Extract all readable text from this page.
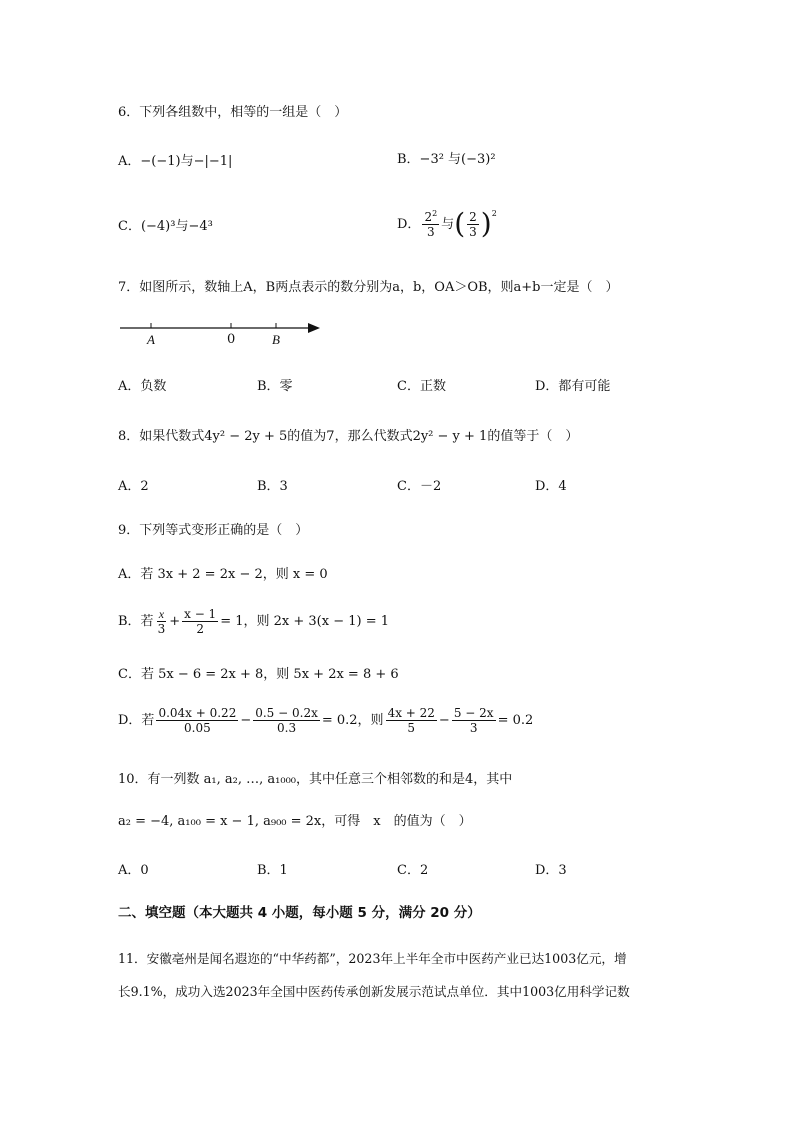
6．下列各组数中，相等的一组是（　）
A．−(−1)与−|−1|	B．−3² 与(−3)²
C．(−4)³与−4³	D． $\frac{2^2}{3}$ 与 ( $\frac{2}{3} )^2$
7．如图所示，数轴上A，B两点表示的数分别为a，b，OA＞OB，则a+b一定是（　）
A	0	B
A．负数	B．零	C．正数	D．都有可能
8．如果代数式4y² − 2y + 5的值为7，那么代数式2y² − y + 1的值等于（　）
A．2	B．3	C．－2	D．4
9．下列等式变形正确的是（　）
A．若 3x + 2 = 2x − 2，则 x = 0
B．若 $\frac{x}{3} + \frac{x - 1}{2} = 1$，则 2x + 3(x − 1) = 1
C．若 5x − 6 = 2x + 8，则 5x + 2x = 8 + 6
D．若 $\frac{0.04x + 0.22}{0.05} - \frac{0.5 - 0.2x}{0.3} = 0.2$，则 $\frac{4x + 22}{5} - \frac{5 - 2x}{3} = 0.2$
10．有一列数 a₁, a₂, …, a₁₀₀₀，其中任意三个相邻数的和是4，其中
a₂ = −4, a₁₀₀ = x − 1, a₉₀₀ = 2x，可得　x　的值为（　）
A．0	B．1	C．2	D．3
二、填空题（本大题共 4 小题，每小题 5 分，满分 20 分）
11．安徽亳州是闻名遐迩的“中华药都”，2023年上半年全市中医药产业已达1003亿元，增
长9.1%，成功入选2023年全国中医药传承创新发展示范试点单位．其中1003亿用科学记数
